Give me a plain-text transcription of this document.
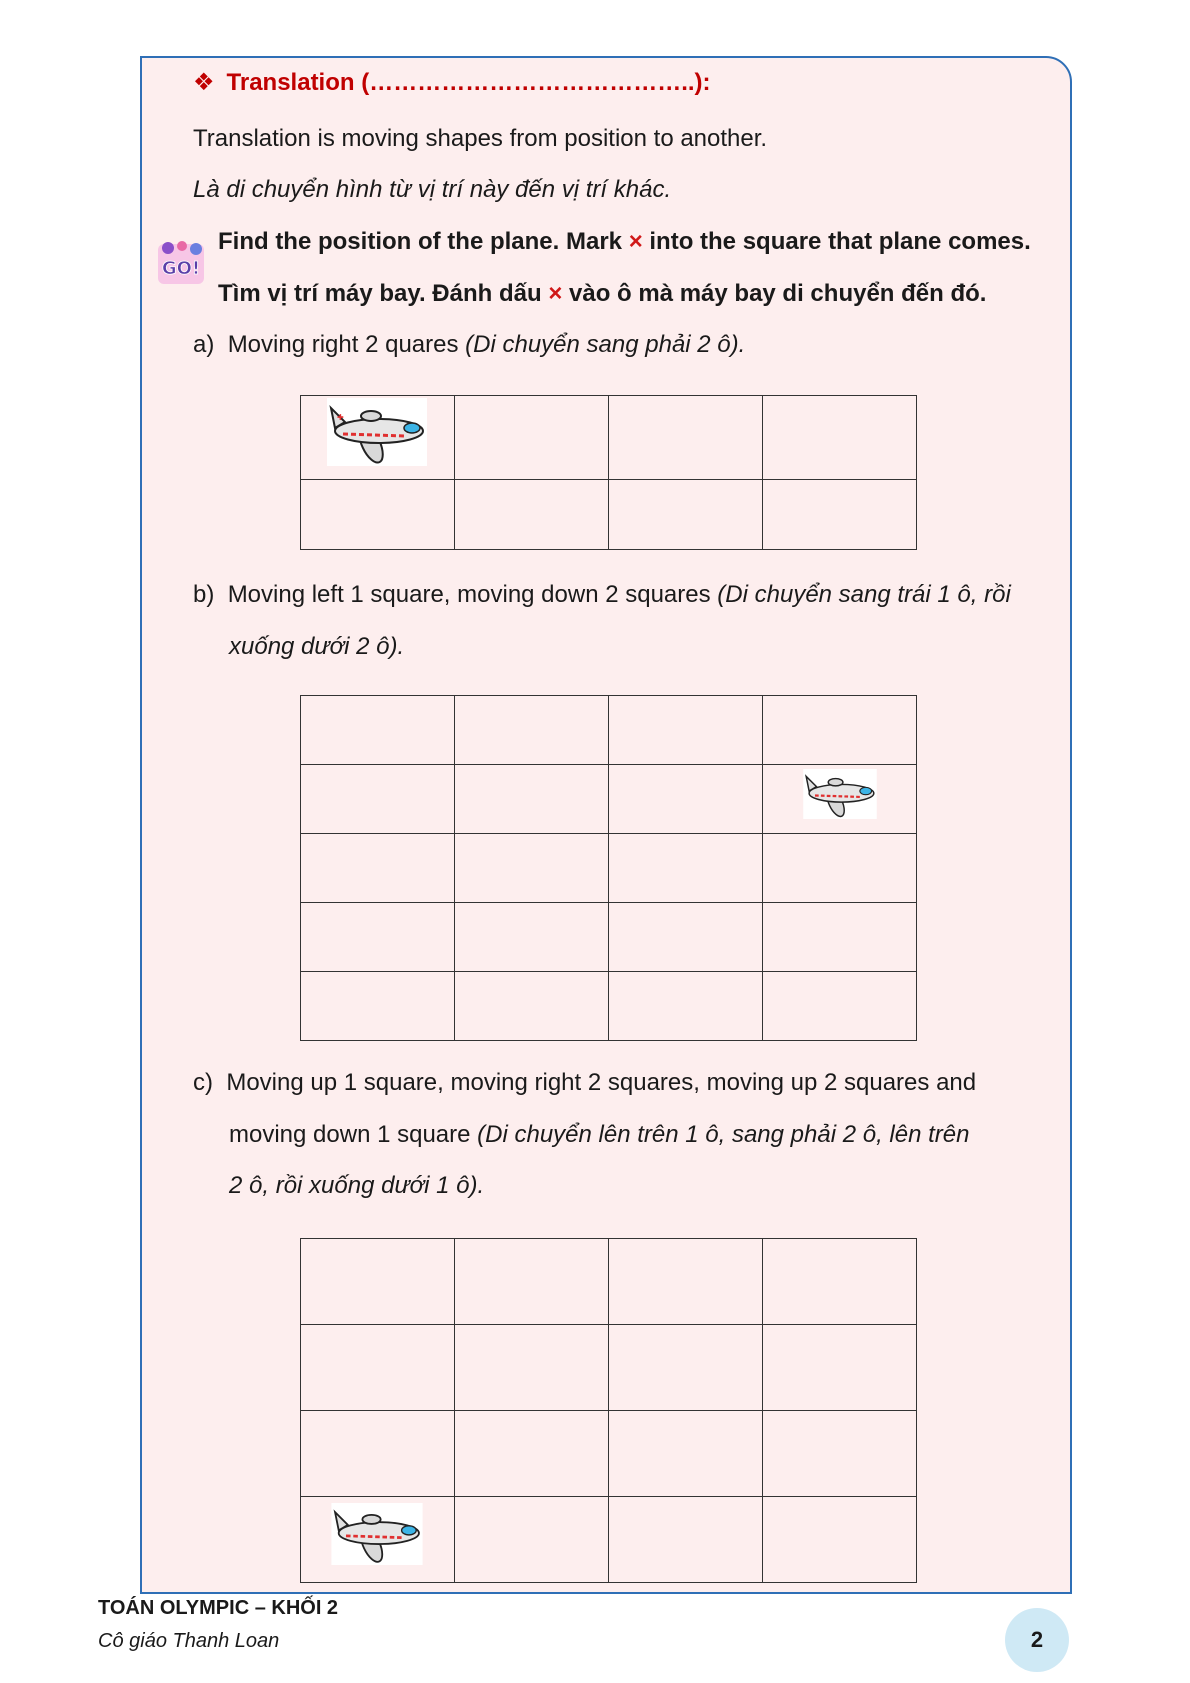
❖ Translation (…………………………………..):
Translation is moving shapes from position to another.
Là di chuyển hình từ vị trí này đến vị trí khác.
GO!
Find the position of the plane. Mark × into the square that plane comes.
Tìm vị trí máy bay. Đánh dấu × vào ô mà máy bay di chuyển đến đó.
a) Moving right 2 quares (Di chuyển sang phải 2 ô).
✚			

b) Moving left 1 square, moving down 2 squares (Di chuyển sang trái 1 ô, rồi
xuống dưới 2 ô).

c) Moving up 1 square, moving right 2 squares, moving up 2 squares and
moving down 1 square (Di chuyển lên trên 1 ô, sang phải 2 ô, lên trên
2 ô, rồi xuống dưới 1 ô).

TOÁN OLYMPIC – KHỐI 2
Cô giáo Thanh Loan	2
